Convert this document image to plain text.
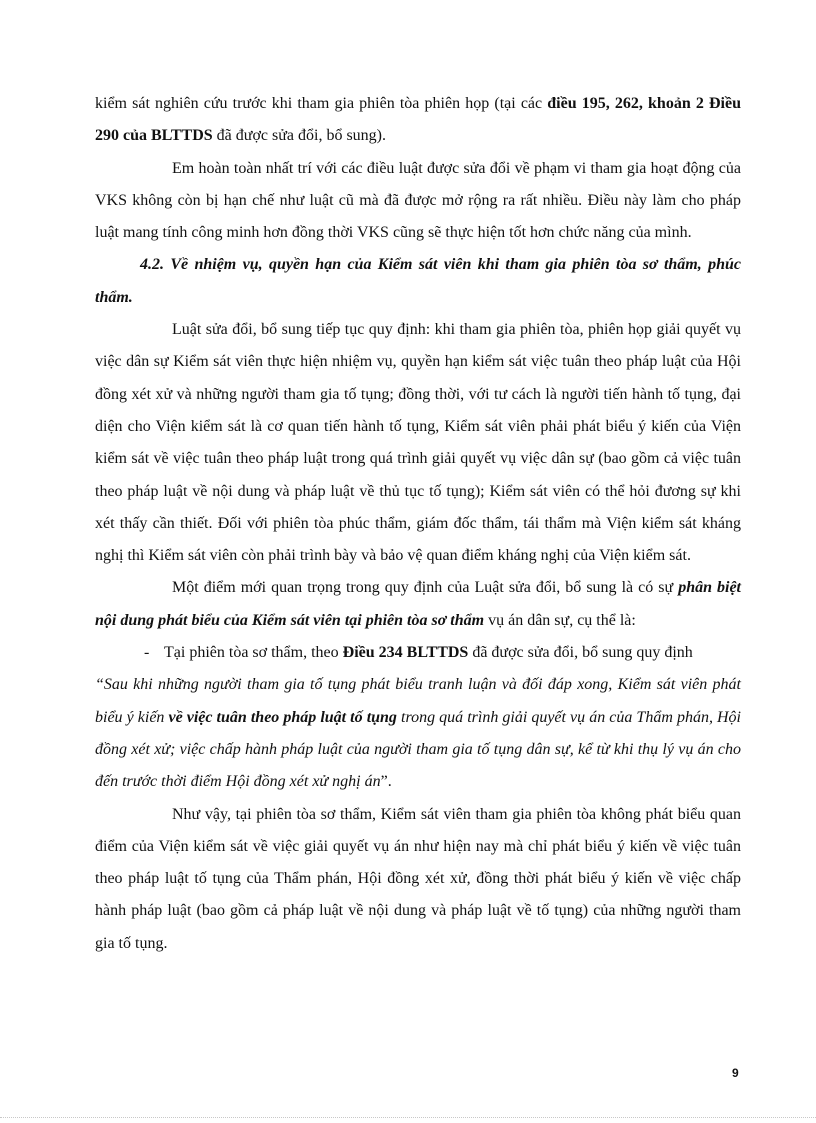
kiểm sát nghiên cứu trước khi tham gia phiên tòa phiên họp (tại các điều 195, 262, khoản 2 Điều 290 của BLTTDS đã được sửa đổi, bổ sung).

Em hoàn toàn nhất trí với các điều luật được sửa đổi về phạm vi tham gia hoạt động của VKS không còn bị hạn chế như luật cũ mà đã được mở rộng ra rất nhiều. Điều này làm cho pháp luật mang tính công minh hơn đồng thời VKS cũng sẽ thực hiện tốt hơn chức năng của mình.

4.2. Về nhiệm vụ, quyền hạn của Kiểm sát viên khi tham gia phiên tòa sơ thẩm, phúc thẩm.

Luật sửa đổi, bổ sung tiếp tục quy định: khi tham gia phiên tòa, phiên họp giải quyết vụ việc dân sự Kiểm sát viên thực hiện nhiệm vụ, quyền hạn kiểm sát việc tuân theo pháp luật của Hội đồng xét xử và những người tham gia tố tụng; đồng thời, với tư cách là người tiến hành tố tụng, đại diện cho Viện kiểm sát là cơ quan tiến hành tố tụng, Kiểm sát viên phải phát biểu ý kiến của Viện kiểm sát về việc tuân theo pháp luật trong quá trình giải quyết vụ việc dân sự (bao gồm cả việc tuân theo pháp luật về nội dung và pháp luật về thủ tục tố tụng); Kiểm sát viên có thể hỏi đương sự khi xét thấy cần thiết. Đối với phiên tòa phúc thẩm, giám đốc thẩm, tái thẩm mà Viện kiểm sát kháng nghị thì Kiểm sát viên còn phải trình bày và bảo vệ quan điểm kháng nghị của Viện kiểm sát.

Một điểm mới quan trọng trong quy định của Luật sửa đổi, bổ sung là có sự phân biệt nội dung phát biểu của Kiểm sát viên tại phiên tòa sơ thẩm vụ án dân sự, cụ thể là:

- Tại phiên tòa sơ thẩm, theo Điều 234 BLTTDS đã được sửa đổi, bổ sung quy định

“Sau khi những người tham gia tố tụng phát biểu tranh luận và đối đáp xong, Kiểm sát viên phát biểu ý kiến về việc tuân theo pháp luật tố tụng trong quá trình giải quyết vụ án của Thẩm phán, Hội đồng xét xử; việc chấp hành pháp luật của người tham gia tố tụng dân sự, kể từ khi thụ lý vụ án cho đến trước thời điểm Hội đồng xét xử nghị án”.

Như vậy, tại phiên tòa sơ thẩm, Kiểm sát viên tham gia phiên tòa không phát biểu quan điểm của Viện kiểm sát về việc giải quyết vụ án như hiện nay mà chỉ phát biểu ý kiến về việc tuân theo pháp luật tố tụng của Thẩm phán, Hội đồng xét xử, đồng thời phát biểu ý kiến về việc chấp hành pháp luật (bao gồm cả pháp luật về nội dung và pháp luật về tố tụng) của những người tham gia tố tụng.

9
